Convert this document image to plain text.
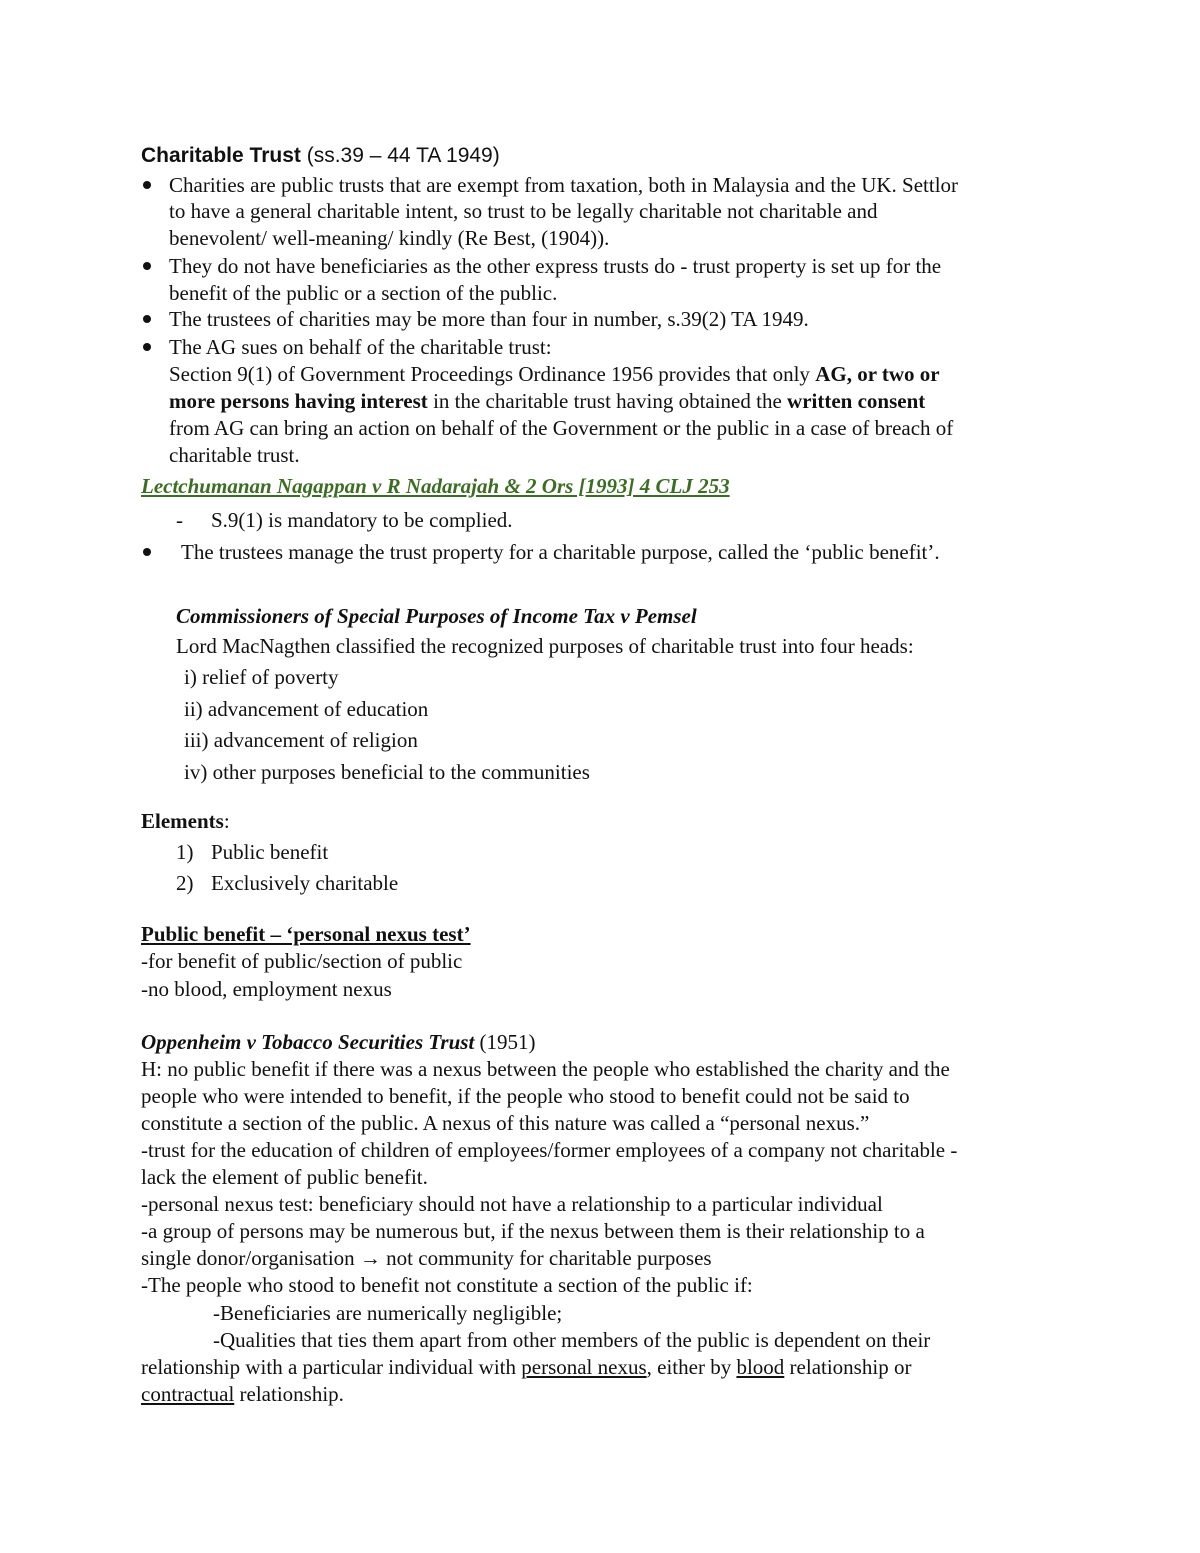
Charitable Trust (ss.39 – 44 TA 1949)
Charities are public trusts that are exempt from taxation, both in Malaysia and the UK. Settlor
to have a general charitable intent, so trust to be legally charitable not charitable and
benevolent/ well-meaning/ kindly (Re Best, (1904)).
They do not have beneficiaries as the other express trusts do - trust property is set up for the
benefit of the public or a section of the public.
The trustees of charities may be more than four in number, s.39(2) TA 1949.
The AG sues on behalf of the charitable trust:
Section 9(1) of Government Proceedings Ordinance 1956 provides that only AG, or two or
more persons having interest in the charitable trust having obtained the written consent
from AG can bring an action on behalf of the Government or the public in a case of breach of
charitable trust.
Lectchumanan Nagappan v R Nadarajah & 2 Ors [1993] 4 CLJ 253
- S.9(1) is mandatory to be complied.
The trustees manage the trust property for a charitable purpose, called the ‘public benefit’.
Commissioners of Special Purposes of Income Tax v Pemsel
Lord MacNagthen classified the recognized purposes of charitable trust into four heads:
i) relief of poverty
ii) advancement of education
iii) advancement of religion
iv) other purposes beneficial to the communities
Elements:
1) Public benefit
2) Exclusively charitable
Public benefit – ‘personal nexus test’
-for benefit of public/section of public
-no blood, employment nexus
Oppenheim v Tobacco Securities Trust (1951)
H: no public benefit if there was a nexus between the people who established the charity and the
people who were intended to benefit, if the people who stood to benefit could not be said to
constitute a section of the public. A nexus of this nature was called a “personal nexus.”
-trust for the education of children of employees/former employees of a company not charitable -
lack the element of public benefit.
-personal nexus test: beneficiary should not have a relationship to a particular individual
-a group of persons may be numerous but, if the nexus between them is their relationship to a
single donor/organisation → not community for charitable purposes
-The people who stood to benefit not constitute a section of the public if:
-Beneficiaries are numerically negligible;
-Qualities that ties them apart from other members of the public is dependent on their
relationship with a particular individual with personal nexus, either by blood relationship or
contractual relationship.
